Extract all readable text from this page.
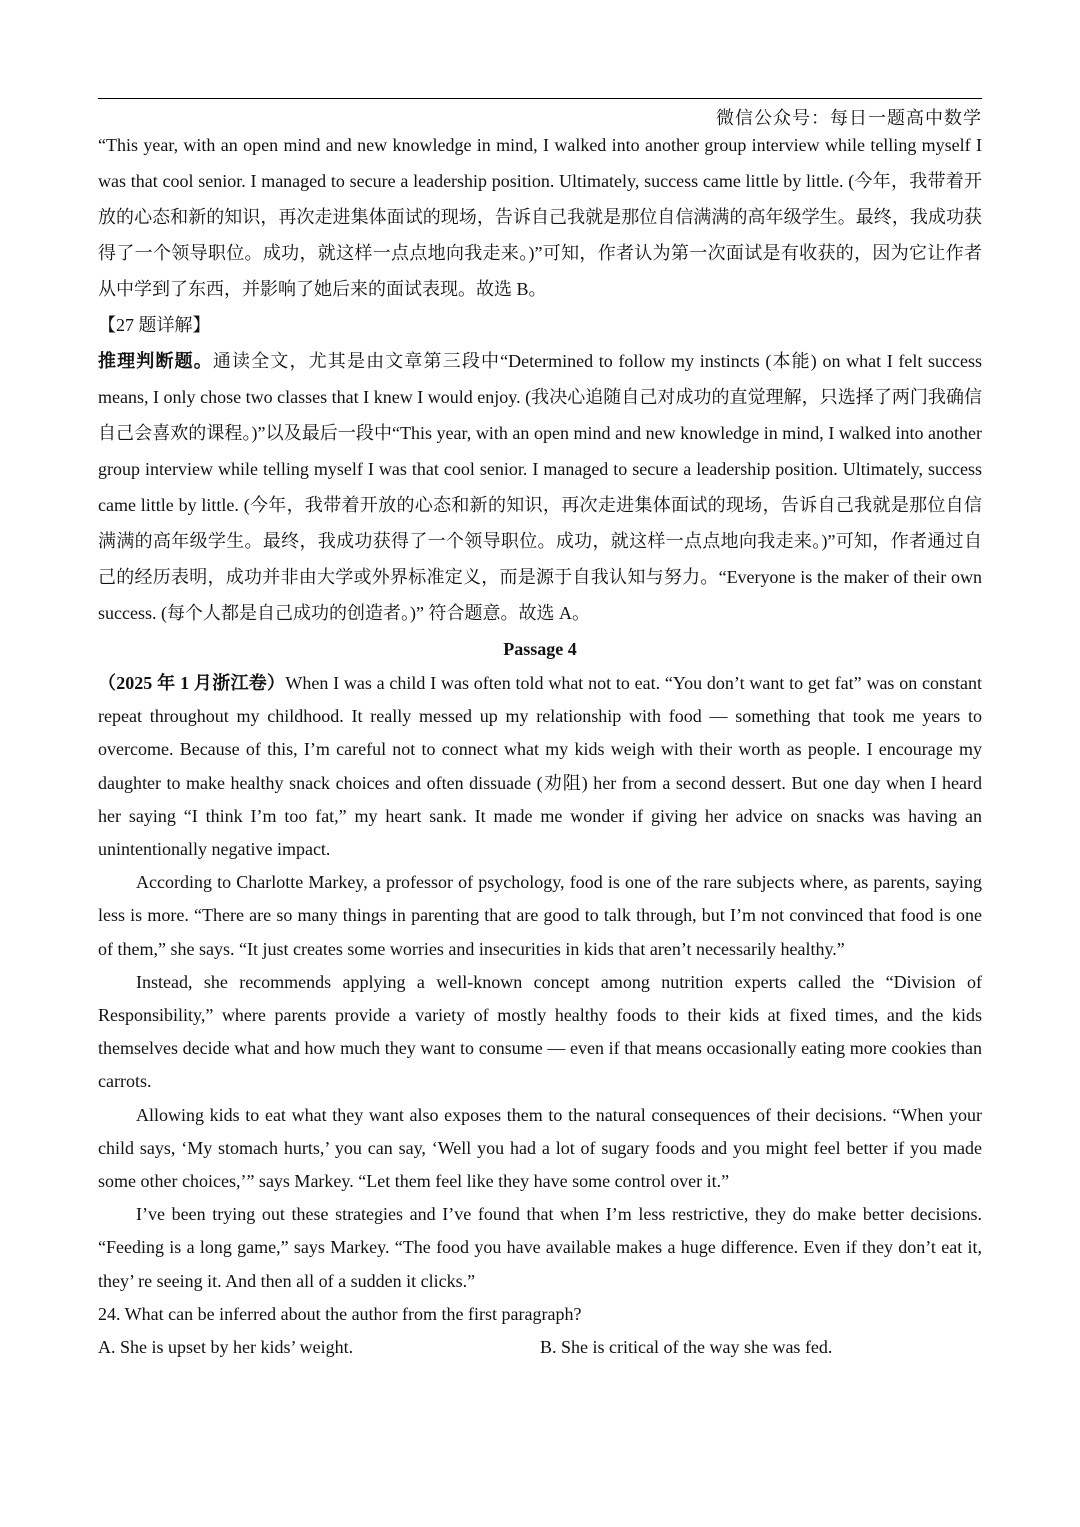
微信公众号：每日一题高中数学

“This year, with an open mind and new knowledge in mind, I walked into another group interview while telling myself I was that cool senior. I managed to secure a leadership position. Ultimately, success came little by little. (今年，我带着开放的心态和新的知识，再次走进集体面试的现场，告诉自己我就是那位自信满满的高年级学生。最终，我成功获得了一个领导职位。成功，就这样一点点地向我走来。)”可知，作者认为第一次面试是有收获的，因为它让作者从中学到了东西，并影响了她后来的面试表现。故选 B。

【27 题详解】

推理判断题。通读全文，尤其是由文章第三段中“Determined to follow my instincts (本能) on what I felt success means, I only chose two classes that I knew I would enjoy. (我决心追随自己对成功的直觉理解，只选择了两门我确信自己会喜欢的课程。)”以及最后一段中“This year, with an open mind and new knowledge in mind, I walked into another group interview while telling myself I was that cool senior. I managed to secure a leadership position. Ultimately, success came little by little. (今年，我带着开放的心态和新的知识，再次走进集体面试的现场，告诉自己我就是那位自信满满的高年级学生。最终，我成功获得了一个领导职位。成功，就这样一点点地向我走来。)”可知，作者通过自己的经历表明，成功并非由大学或外界标准定义，而是源于自我认知与努力。“Everyone is the maker of their own success. (每个人都是自己成功的创造者。)” 符合题意。故选 A。

Passage 4

（2025 年 1 月浙江卷）When I was a child I was often told what not to eat. “You don’t want to get fat” was on constant repeat throughout my childhood. It really messed up my relationship with food — something that took me years to overcome. Because of this, I’m careful not to connect what my kids weigh with their worth as people. I encourage my daughter to make healthy snack choices and often dissuade (劝阻) her from a second dessert. But one day when I heard her saying “I think I’m too fat,” my heart sank. It made me wonder if giving her advice on snacks was having an unintentionally negative impact.

According to Charlotte Markey, a professor of psychology, food is one of the rare subjects where, as parents, saying less is more. “There are so many things in parenting that are good to talk through, but I’m not convinced that food is one of them,” she says. “It just creates some worries and insecurities in kids that aren’t necessarily healthy.”

Instead, she recommends applying a well-known concept among nutrition experts called the “Division of Responsibility,” where parents provide a variety of mostly healthy foods to their kids at fixed times, and the kids themselves decide what and how much they want to consume — even if that means occasionally eating more cookies than carrots.

Allowing kids to eat what they want also exposes them to the natural consequences of their decisions. “When your child says, ‘My stomach hurts,’ you can say, ‘Well you had a lot of sugary foods and you might feel better if you made some other choices,’” says Markey. “Let them feel like they have some control over it.”

I’ve been trying out these strategies and I’ve found that when I’m less restrictive, they do make better decisions. “Feeding is a long game,” says Markey. “The food you have available makes a huge difference. Even if they don’t eat it, they’ re seeing it. And then all of a sudden it clicks.”

24. What can be inferred about the author from the first paragraph?

A. She is upset by her kids’ weight.	B. She is critical of the way she was fed.
